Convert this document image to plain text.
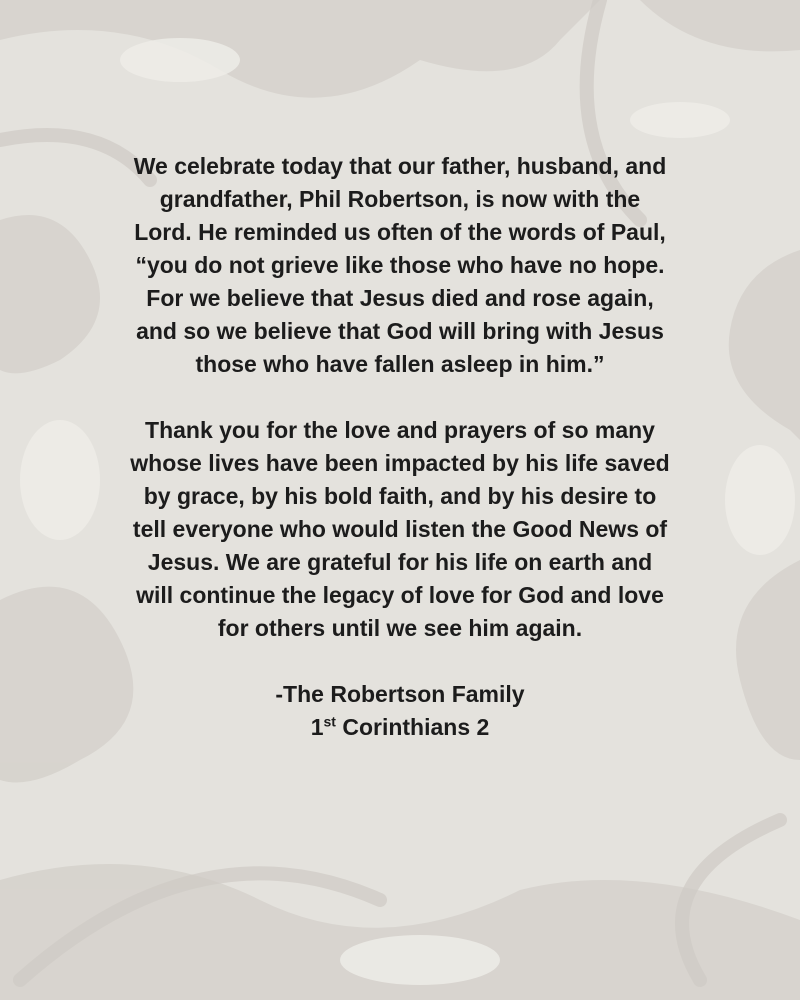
We celebrate today that our father, husband, and
grandfather, Phil Robertson, is now with the
Lord. He reminded us often of the words of Paul,
“you do not grieve like those who have no hope.
For we believe that Jesus died and rose again,
and so we believe that God will bring with Jesus
those who have fallen asleep in him.”

Thank you for the love and prayers of so many
whose lives have been impacted by his life saved
by grace, by his bold faith, and by his desire to
tell everyone who would listen the Good News of
Jesus. We are grateful for his life on earth and
will continue the legacy of love for God and love
for others until we see him again.

-The Robertson Family
1st Corinthians 2
